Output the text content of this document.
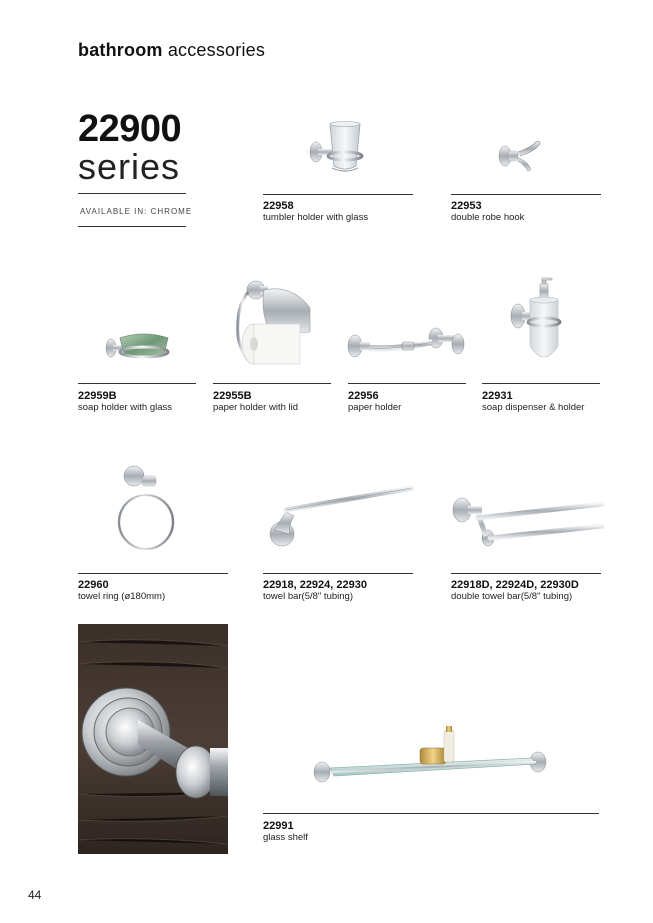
bathroom accessories
22900
series
AVAILABLE IN: CHROME	22958
tumbler holder with glass
22953
double robe hook
22959B
soap holder with glass
22955B
paper holder with lid
22956
paper holder
22931
soap dispenser & holder
22960
towel ring (ø180mm)
22918, 22924, 22930
towel bar(5/8" tubing)
22918D, 22924D, 22930D
double towel bar(5/8" tubing)
22991
glass shelf
44
